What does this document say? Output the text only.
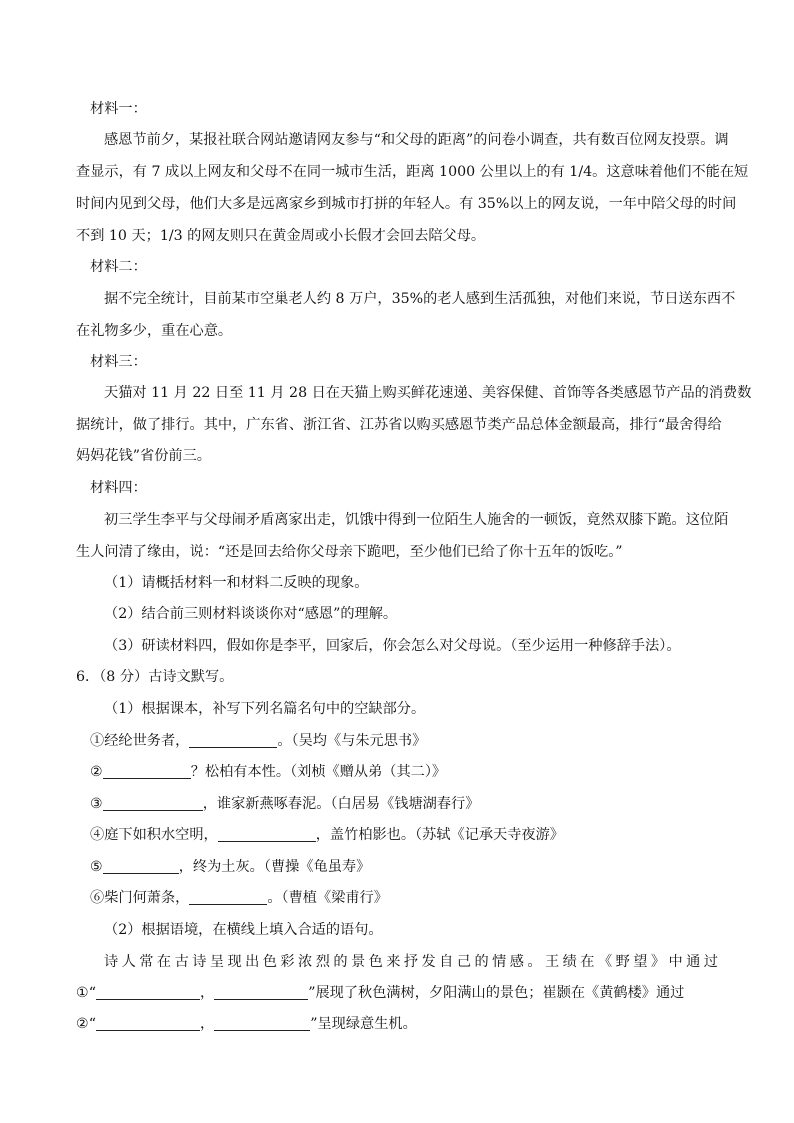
材料一：
感恩节前夕，某报社联合网站邀请网友参与“和父母的距离”的问卷小调查，共有数百位网友投票。调
查显示，有 7 成以上网友和父母不在同一城市生活，距离 1000 公里以上的有 1/4。这意味着他们不能在短
时间内见到父母，他们大多是远离家乡到城市打拼的年轻人。有 35%以上的网友说，一年中陪父母的时间
不到 10 天；1/3 的网友则只在黄金周或小长假才会回去陪父母。
材料二：
据不完全统计，目前某市空巢老人约 8 万户，35%的老人感到生活孤独，对他们来说，节日送东西不
在礼物多少，重在心意。
材料三：
天猫对 11 月 22 日至 11 月 28 日在天猫上购买鲜花速递、美容保健、首饰等各类感恩节产品的消费数
据统计，做了排行。其中，广东省、浙江省、江苏省以购买感恩节类产品总体金额最高，排行“最舍得给
妈妈花钱”省份前三。
材料四：
初三学生李平与父母闹矛盾离家出走，饥饿中得到一位陌生人施舍的一顿饭，竟然双膝下跪。这位陌
生人问清了缘由，说：“还是回去给你父母亲下跪吧，至少他们已给了你十五年的饭吃。”
（1）请概括材料一和材料二反映的现象。
（2）结合前三则材料谈谈你对“感恩”的理解。
（3）研读材料四，假如你是李平，回家后，你会怎么对父母说。（至少运用一种修辞手法）。
6．（8 分）古诗文默写。
（1）根据课本，补写下列名篇名句中的空缺部分。
①经纶世务者，	。（吴均《与朱元思书》
②	？松柏有本性。（刘桢《赠从弟（其二）》
③	，谁家新燕啄春泥。（白居易《钱塘湖春行》
④庭下如积水空明，	，盖竹柏影也。（苏轼《记承天寺夜游》
⑤	，终为土灰。（曹操《龟虽寿》
⑥柴门何萧条，	。（曹植《梁甫行》
（2）根据语境，在横线上填入合适的语句。
诗人常在古诗呈现出色彩浓烈的景色来抒发自己的情感。王绩在《野望》中通过
①“	，	”展现了秋色满树，夕阳满山的景色；崔颢在《黄鹤楼》通过
②“	，	”呈现绿意生机。
